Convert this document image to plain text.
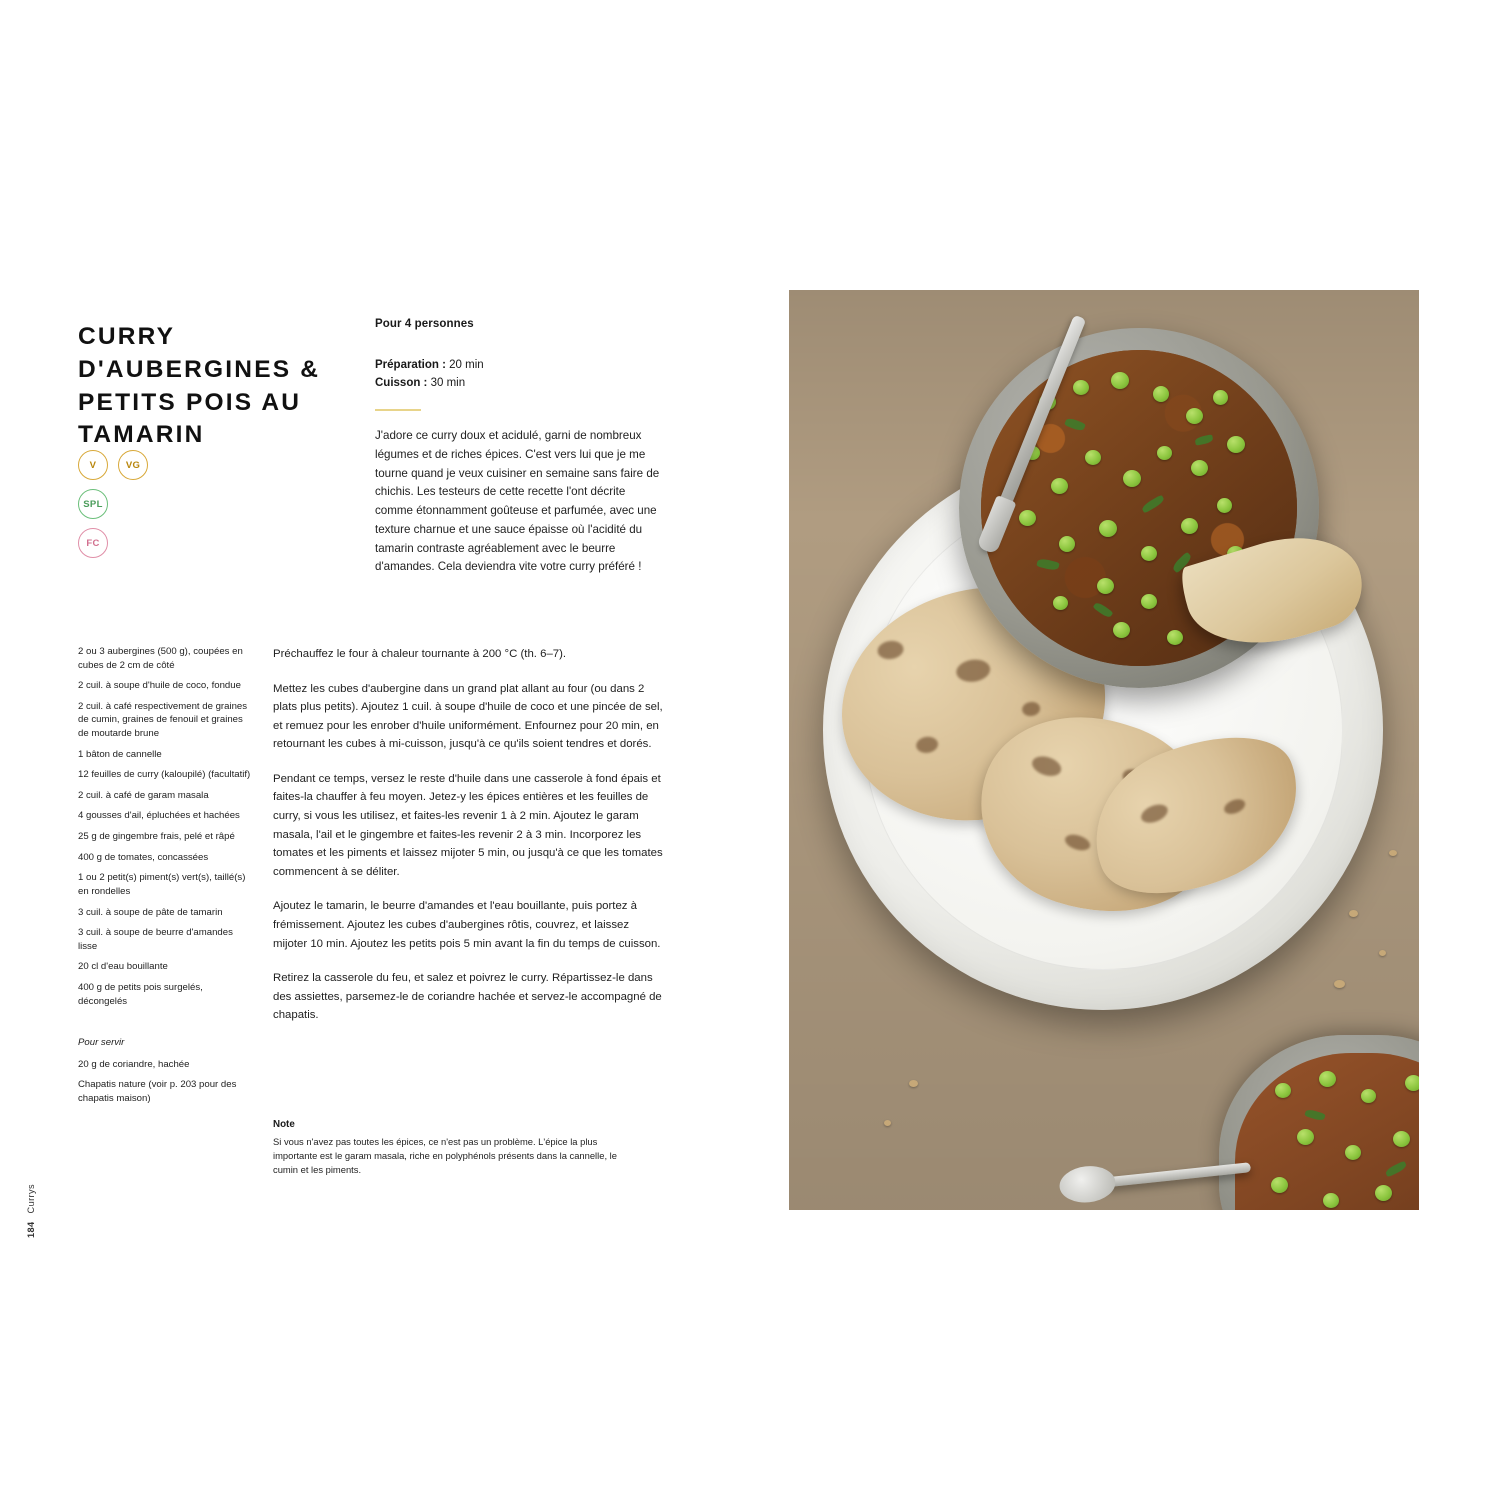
CURRY D'AUBERGINES & PETITS POIS AU TAMARIN
V	VG
SPL
FC
Pour 4 personnes
Préparation : 20 min
Cuisson : 30 min
J'adore ce curry doux et acidulé, garni de nombreux légumes et de riches épices. C'est vers lui que je me tourne quand je veux cuisiner en semaine sans faire de chichis. Les testeurs de cette recette l'ont décrite comme étonnamment goûteuse et parfumée, avec une texture charnue et une sauce épaisse où l'acidité du tamarin contraste agréablement avec le beurre d'amandes. Cela deviendra vite votre curry préféré !
2 ou 3 aubergines (500 g), coupées en cubes de 2 cm de côté
2 cuil. à soupe d'huile de coco, fondue
2 cuil. à café respectivement de graines de cumin, graines de fenouil et graines de moutarde brune
1 bâton de cannelle
12 feuilles de curry (kaloupilé) (facultatif)
2 cuil. à café de garam masala
4 gousses d'ail, épluchées et hachées
25 g de gingembre frais, pelé et râpé
400 g de tomates, concassées
1 ou 2 petit(s) piment(s) vert(s), taillé(s) en rondelles
3 cuil. à soupe de pâte de tamarin
3 cuil. à soupe de beurre d'amandes lisse
20 cl d'eau bouillante
400 g de petits pois surgelés, décongelés
Pour servir
20 g de coriandre, hachée
Chapatis nature (voir p. 203 pour des chapatis maison)

Préchauffez le four à chaleur tournante à 200 °C (th. 6–7).

Mettez les cubes d'aubergine dans un grand plat allant au four (ou dans 2 plats plus petits). Ajoutez 1 cuil. à soupe d'huile de coco et une pincée de sel, et remuez pour les enrober d'huile uniformément. Enfournez pour 20 min, en retournant les cubes à mi-cuisson, jusqu'à ce qu'ils soient tendres et dorés.

Pendant ce temps, versez le reste d'huile dans une casserole à fond épais et faites-la chauffer à feu moyen. Jetez-y les épices entières et les feuilles de curry, si vous les utilisez, et faites-les revenir 1 à 2 min. Ajoutez le garam masala, l'ail et le gingembre et faites-les revenir 2 à 3 min. Incorporez les tomates et les piments et laissez mijoter 5 min, ou jusqu'à ce que les tomates commencent à se déliter.

Ajoutez le tamarin, le beurre d'amandes et l'eau bouillante, puis portez à frémissement. Ajoutez les cubes d'aubergines rôtis, couvrez, et laissez mijoter 10 min. Ajoutez les petits pois 5 min avant la fin du temps de cuisson.

Retirez la casserole du feu, et salez et poivrez le curry. Répartissez-le dans des assiettes, parsemez-le de coriandre hachée et servez-le accompagné de chapatis.

Note
Si vous n'avez pas toutes les épices, ce n'est pas un problème. L'épice la plus importante est le garam masala, riche en polyphénols présents dans la cannelle, le cumin et les piments.
184Currys
